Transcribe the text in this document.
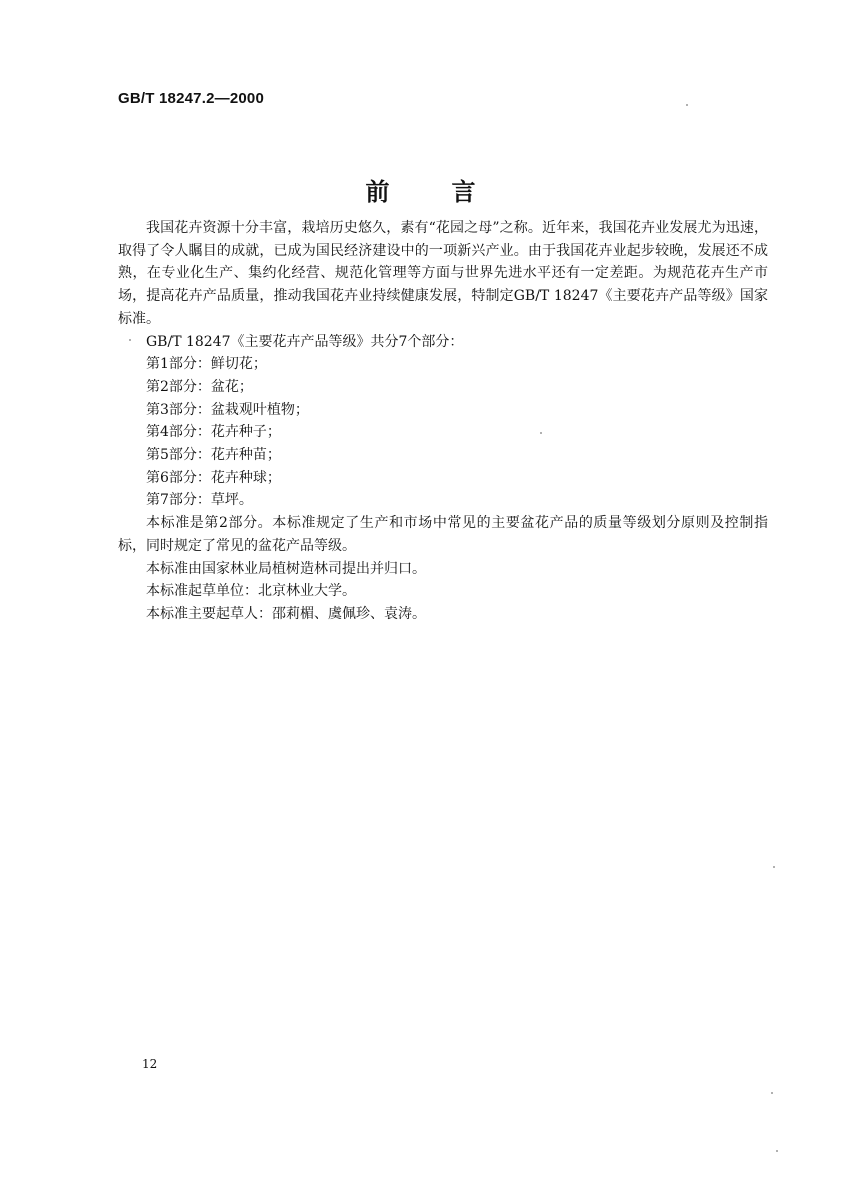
GB/T 18247.2—2000
前言

我国花卉资源十分丰富，栽培历史悠久，素有“花园之母”之称。近年来，我国花卉业发展尤为迅速，取得了令人瞩目的成就，已成为国民经济建设中的一项新兴产业。由于我国花卉业起步较晚，发展还不成熟，在专业化生产、集约化经营、规范化管理等方面与世界先进水平还有一定差距。为规范花卉生产市场，提高花卉产品质量，推动我国花卉业持续健康发展，特制定GB/T 18247《主要花卉产品等级》国家标准。

GB/T 18247《主要花卉产品等级》共分7个部分：

第1部分：鲜切花；

第2部分：盆花；

第3部分：盆栽观叶植物；

第4部分：花卉种子；

第5部分：花卉种苗；

第6部分：花卉种球；

第7部分：草坪。

本标准是第2部分。本标准规定了生产和市场中常见的主要盆花产品的质量等级划分原则及控制指标，同时规定了常见的盆花产品等级。

本标准由国家林业局植树造林司提出并归口。

本标准起草单位：北京林业大学。

本标准主要起草人：邵莉楣、虞佩珍、袁涛。

12
